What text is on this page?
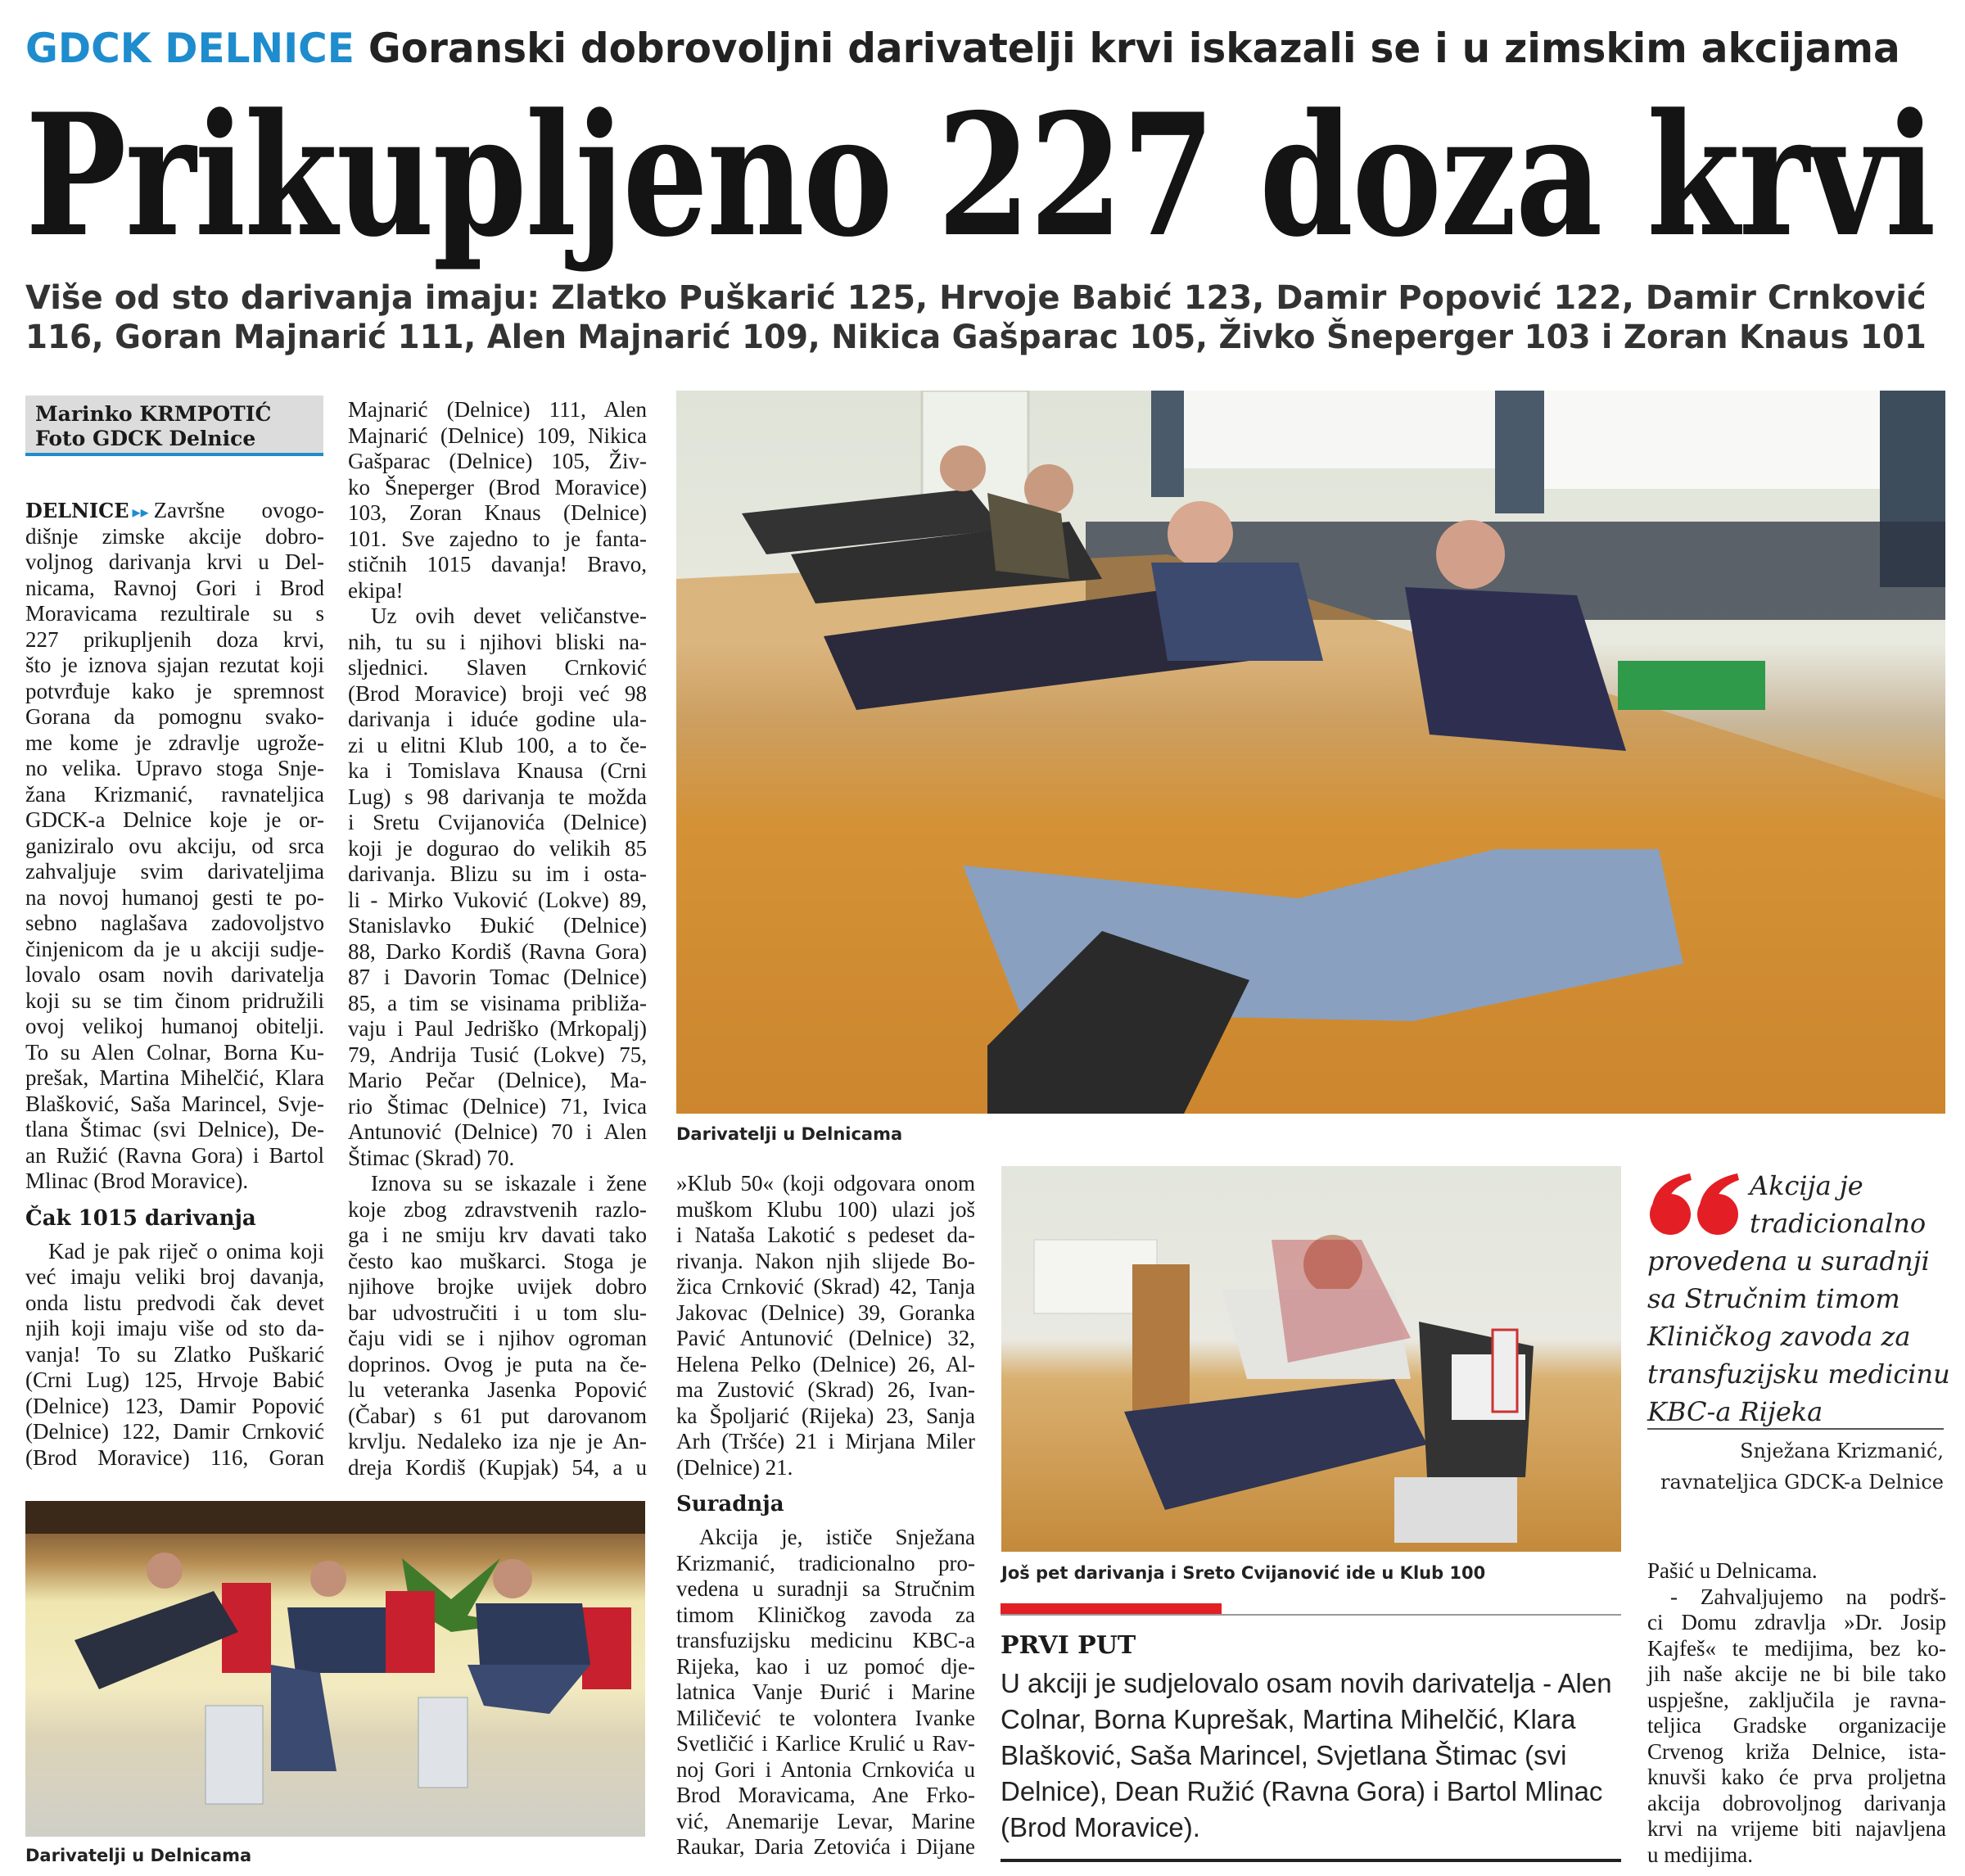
GDCK DELNICE Goranski dobrovoljni darivatelji krvi iskazali se i u zimskim akcijama
Prikupljeno 227 doza krvi
Više od sto darivanja imaju: Zlatko Puškarić 125, Hrvoje Babić 123, Damir Popović 122, Damir Crnković
116, Goran Majnarić 111, Alen Majnarić 109, Nikica Gašparac 105, Živko Šneperger 103 i Zoran Knaus 101
Marinko KRMPOTIĆ
Foto GDCK Delnice
DELNICE ▸▸ Završne ovogo-
dišnje zimske akcije dobro-
voljnog darivanja krvi u Del-
nicama, Ravnoj Gori i Brod
Moravicama rezultirale su s
227 prikupljenih doza krvi,
što je iznova sjajan rezutat koji
potvrđuje kako je spremnost
Gorana da pomognu svako-
me kome je zdravlje ugrože-
no velika. Upravo stoga Snje-
žana Krizmanić, ravnateljica
GDCK-a Delnice koje je or-
ganiziralo ovu akciju, od srca
zahvaljuje svim darivateljima
na novoj humanoj gesti te po-
sebno naglašava zadovoljstvo
činjenicom da je u akciji sudje-
lovalo osam novih darivatelja
koji su se tim činom pridružili
ovoj velikoj humanoj obitelji.
To su Alen Colnar, Borna Ku-
prešak, Martina Mihelčić, Klara
Blašković, Saša Marincel, Svje-
tlana Štimac (svi Delnice), De-
an Ružić (Ravna Gora) i Bartol
Mlinac (Brod Moravice).
Čak 1015 darivanja
Kad je pak riječ o onima koji
već imaju veliki broj davanja,
onda listu predvodi čak devet
njih koji imaju više od sto da-
vanja! To su Zlatko Puškarić
(Crni Lug) 125, Hrvoje Babić
(Delnice) 123, Damir Popović
(Delnice) 122, Damir Crnković
(Brod Moravice) 116, Goran
Majnarić (Delnice) 111, Alen
Majnarić (Delnice) 109, Nikica
Gašparac (Delnice) 105, Živ-
ko Šneperger (Brod Moravice)
103, Zoran Knaus (Delnice)
101. Sve zajedno to je fanta-
stičnih 1015 davanja! Bravo,
ekipa!
Uz ovih devet veličanstve-
nih, tu su i njihovi bliski na-
sljednici. Slaven Crnković
(Brod Moravice) broji već 98
darivanja i iduće godine ula-
zi u elitni Klub 100, a to če-
ka i Tomislava Knausa (Crni
Lug) s 98 darivanja te možda
i Sretu Cvijanovića (Delnice)
koji je dogurao do velikih 85
darivanja. Blizu su im i osta-
li - Mirko Vuković (Lokve) 89,
Stanislavko Đukić (Delnice)
88, Darko Kordiš (Ravna Gora)
87 i Davorin Tomac (Delnice)
85, a tim se visinama približa-
vaju i Paul Jedriško (Mrkopalj)
79, Andrija Tusić (Lokve) 75,
Mario Pečar (Delnice), Ma-
rio Štimac (Delnice) 71, Ivica
Antunović (Delnice) 70 i Alen
Štimac (Skrad) 70.
Iznova su se iskazale i žene
koje zbog zdravstvenih razlo-
ga i ne smiju krv davati tako
često kao muškarci. Stoga je
njihove brojke uvijek dobro
bar udvostručiti i u tom slu-
čaju vidi se i njihov ogroman
doprinos. Ovog je puta na če-
lu veteranka Jasenka Popović
(Čabar) s 61 put darovanom
krvlju. Nedaleko iza nje je An-
dreja Kordiš (Kupjak) 54, a u
»Klub 50« (koji odgovara onom
muškom Klubu 100) ulazi još
i Nataša Lakotić s pedeset da-
rivanja. Nakon njih slijede Bo-
žica Crnković (Skrad) 42, Tanja
Jakovac (Delnice) 39, Goranka
Pavić Antunović (Delnice) 32,
Helena Pelko (Delnice) 26, Al-
ma Zustović (Skrad) 26, Ivan-
ka Špoljarić (Rijeka) 23, Sanja
Arh (Tršće) 21 i Mirjana Miler
(Delnice) 21.
Suradnja
Akcija je, ističe Snježana
Krizmanić, tradicionalno pro-
vedena u suradnji sa Stručnim
timom Kliničkog zavoda za
transfuzijsku medicinu KBC-a
Rijeka, kao i uz pomoć dje-
latnica Vanje Đurić i Marine
Miličević te volontera Ivanke
Svetličić i Karlice Krulić u Rav-
noj Gori i Antonia Crnkovića u
Brod Moravicama, Ane Frko-
vić, Anemarije Levar, Marine
Raukar, Daria Zetovića i Dijane
Pašić u Delnicama.
- Zahvaljujemo na podrš-
ci Domu zdravlja »Dr. Josip
Kajfeš« te medijima, bez ko-
jih naše akcije ne bi bile tako
uspješne, zaključila je ravna-
teljica Gradske organizacije
Crvenog križa Delnice, ista-
knuvši kako će prva proljetna
akcija dobrovoljnog darivanja
krvi na vrijeme biti najavljena
u medijima.
Darivatelji u Delnicama
Još pet darivanja i Sreto Cvijanović ide u Klub 100
Darivatelji u Delnicama
Akcija je
tradicionalno
provedena u suradnji
sa Stručnim timom
Kliničkog zavoda za
transfuzijsku medicinu
KBC-a Rijeka
Snježana Krizmanić,
ravnateljica GDCK-a Delnice
PRVI PUT
U akciji je sudjelovalo osam novih darivatelja - Alen
Colnar, Borna Kuprešak, Martina Mihelčić, Klara
Blašković, Saša Marincel, Svjetlana Štimac (svi
Delnice), Dean Ružić (Ravna Gora) i Bartol Mlinac
(Brod Moravice).
